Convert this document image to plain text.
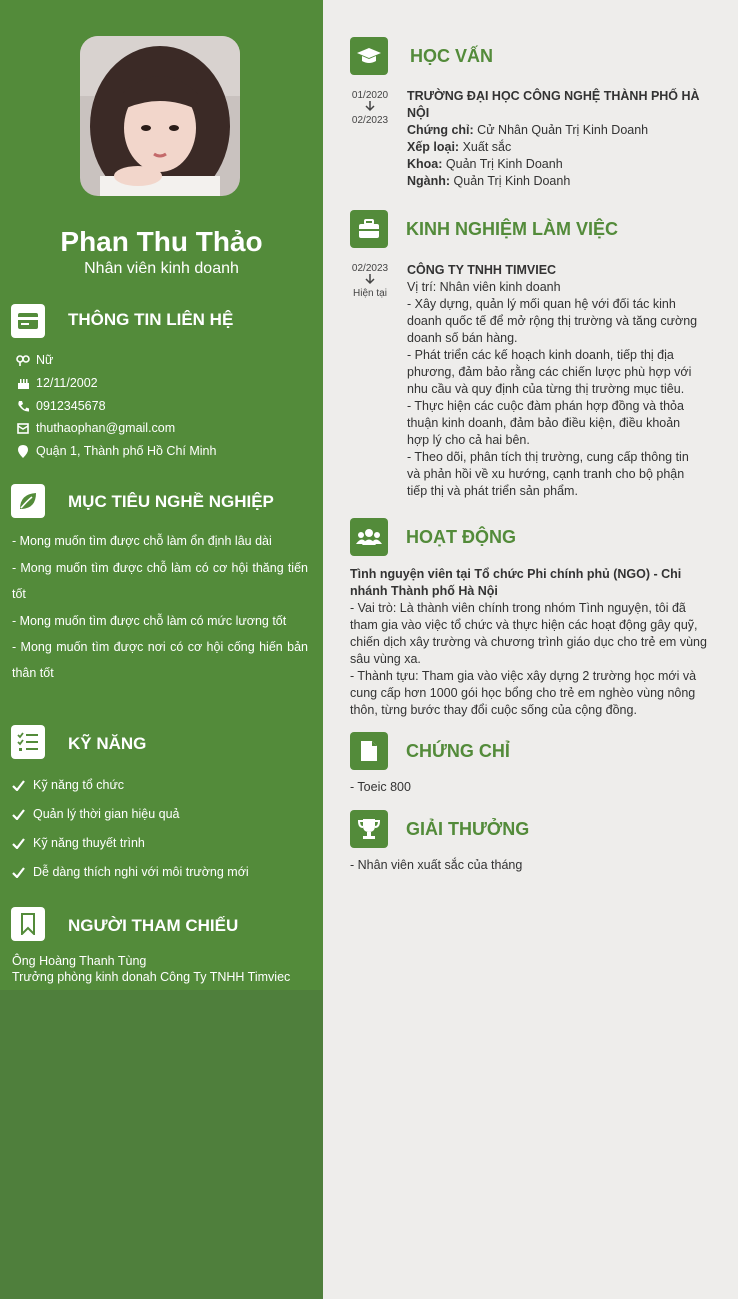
Phan Thu Thảo
Nhân viên kinh doanh
THÔNG TIN LIÊN HỆ
Nữ
12/11/2002
0912345678
thuthaophan@gmail.com
Quận 1, Thành phố Hồ Chí Minh
MỤC TIÊU NGHỀ NGHIỆP
- Mong muốn tìm được chỗ làm ổn định lâu dài
- Mong muốn tìm được chỗ làm có cơ hội thăng tiến tốt
- Mong muốn tìm được chỗ làm có mức lương tốt
- Mong muốn tìm được nơi có cơ hội cống hiến bản thân tốt
KỸ NĂNG
Kỹ năng tổ chức
Quản lý thời gian hiệu quả
Kỹ năng thuyết trình
Dễ dàng thích nghi với môi trường mới
NGƯỜI THAM CHIẾU
Ông Hoàng Thanh Tùng
Trưởng phòng kinh donah Công Ty TNHH Timviec
HỌC VẤN
01/2020
02/2023
TRƯỜNG ĐẠI HỌC CÔNG NGHỆ THÀNH PHỐ HÀ NỘI
Chứng chỉ: Cử Nhân Quản Trị Kinh Doanh
Xếp loại: Xuất sắc
Khoa: Quản Trị Kinh Doanh
Ngành: Quản Trị Kinh Doanh
KINH NGHIỆM LÀM VIỆC
02/2023
Hiện tại
CÔNG TY TNHH TIMVIEC
Vị trí: Nhân viên kinh doanh
- Xây dựng, quản lý mối quan hệ với đối tác kinh doanh quốc tế để mở rộng thị trường và tăng cường doanh số bán hàng.
- Phát triển các kế hoạch kinh doanh, tiếp thị địa phương, đảm bảo rằng các chiến lược phù hợp với nhu cầu và quy định của từng thị trường mục tiêu.
- Thực hiện các cuộc đàm phán hợp đồng và thỏa thuận kinh doanh, đảm bảo điều kiện, điều khoản hợp lý cho cả hai bên.
- Theo dõi, phân tích thị trường, cung cấp thông tin và phản hồi về xu hướng, cạnh tranh cho bộ phận tiếp thị và phát triển sản phẩm.
HOẠT ĐỘNG
Tình nguyện viên tại Tổ chức Phi chính phủ (NGO) - Chi nhánh Thành phố Hà Nội
- Vai trò: Là thành viên chính trong nhóm Tình nguyện, tôi đã tham gia vào việc tổ chức và thực hiện các hoạt động gây quỹ, chiến dịch xây trường và chương trình giáo dục cho trẻ em vùng sâu vùng xa.
- Thành tựu: Tham gia vào việc xây dựng 2 trường học mới và cung cấp hơn 1000 gói học bổng cho trẻ em nghèo vùng nông thôn, từng bước thay đổi cuộc sống của cộng đồng.
CHỨNG CHỈ
- Toeic 800
GIẢI THƯỞNG
- Nhân viên xuất sắc của tháng
